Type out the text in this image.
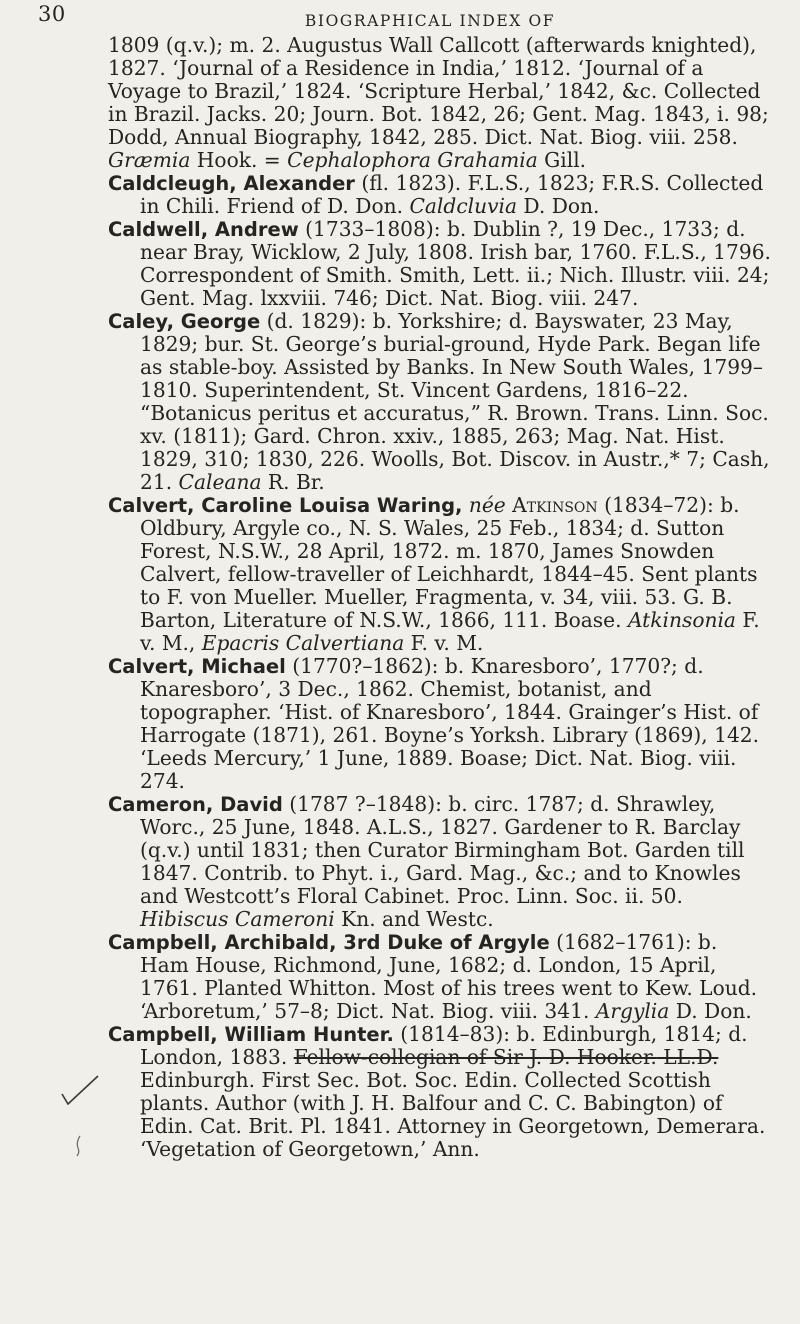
30	BIOGRAPHICAL INDEX OF

1809 (q.v.); m. 2. Augustus Wall Callcott (afterwards knighted), 1827. ‘Journal of a Residence in India,’ 1812. ‘Journal of a Voyage to Brazil,’ 1824. ‘Scripture Herbal,’ 1842, &c. Collected in Brazil. Jacks. 20; Journ. Bot. 1842, 26; Gent. Mag. 1843, i. 98; Dodd, Annual Biography, 1842, 285. Dict. Nat. Biog. viii. 258. Græmia Hook. = Cephalophora Grahamia Gill.

Caldcleugh, Alexander (fl. 1823). F.L.S., 1823; F.R.S. Collected in Chili. Friend of D. Don. Caldcluvia D. Don.

Caldwell, Andrew (1733–1808): b. Dublin ?, 19 Dec., 1733; d. near Bray, Wicklow, 2 July, 1808. Irish bar, 1760. F.L.S., 1796. Correspondent of Smith. Smith, Lett. ii.; Nich. Illustr. viii. 24; Gent. Mag. lxxviii. 746; Dict. Nat. Biog. viii. 247.

Caley, George (d. 1829): b. Yorkshire; d. Bayswater, 23 May, 1829; bur. St. George’s burial-ground, Hyde Park. Began life as stable-boy. Assisted by Banks. In New South Wales, 1799–1810. Superintendent, St. Vincent Gardens, 1816–22. “Botanicus peritus et accuratus,” R. Brown. Trans. Linn. Soc. xv. (1811); Gard. Chron. xxiv., 1885, 263; Mag. Nat. Hist. 1829, 310; 1830, 226. Woolls, Bot. Discov. in Austr.,* 7; Cash, 21. Caleana R. Br.

Calvert, Caroline Louisa Waring, née Atkinson (1834–72): b. Oldbury, Argyle co., N. S. Wales, 25 Feb., 1834; d. Sutton Forest, N.S.W., 28 April, 1872. m. 1870, James Snowden Calvert, fellow-traveller of Leichhardt, 1844–45. Sent plants to F. von Mueller. Mueller, Fragmenta, v. 34, viii. 53. G. B. Barton, Literature of N.S.W., 1866, 111. Boase. Atkinsonia F. v. M., Epacris Calvertiana F. v. M.

Calvert, Michael (1770?–1862): b. Knaresboro’, 1770?; d. Knaresboro’, 3 Dec., 1862. Chemist, botanist, and topographer. ‘Hist. of Knaresboro’, 1844. Grainger’s Hist. of Harrogate (1871), 261. Boyne’s Yorksh. Library (1869), 142. ‘Leeds Mercury,’ 1 June, 1889. Boase; Dict. Nat. Biog. viii. 274.

Cameron, David (1787 ?–1848): b. circ. 1787; d. Shrawley, Worc., 25 June, 1848. A.L.S., 1827. Gardener to R. Barclay (q.v.) until 1831; then Curator Birmingham Bot. Garden till 1847. Contrib. to Phyt. i., Gard. Mag., &c.; and to Knowles and Westcott’s Floral Cabinet. Proc. Linn. Soc. ii. 50. Hibiscus Cameroni Kn. and Westc.

Campbell, Archibald, 3rd Duke of Argyle (1682–1761): b. Ham House, Richmond, June, 1682; d. London, 15 April, 1761. Planted Whitton. Most of his trees went to Kew. Loud. ‘Arboretum,’ 57–8; Dict. Nat. Biog. viii. 341. Argylia D. Don.

Campbell, William Hunter. (1814–83): b. Edinburgh, 1814; d. London, 1883. Fellow-collegian of Sir J. D. Hooker. LL.D. Edinburgh. First Sec. Bot. Soc. Edin. Collected Scottish plants. Author (with J. H. Balfour and C. C. Babington) of Edin. Cat. Brit. Pl. 1841. Attorney in Georgetown, Demerara. ‘Vegetation of Georgetown,’ Ann.
